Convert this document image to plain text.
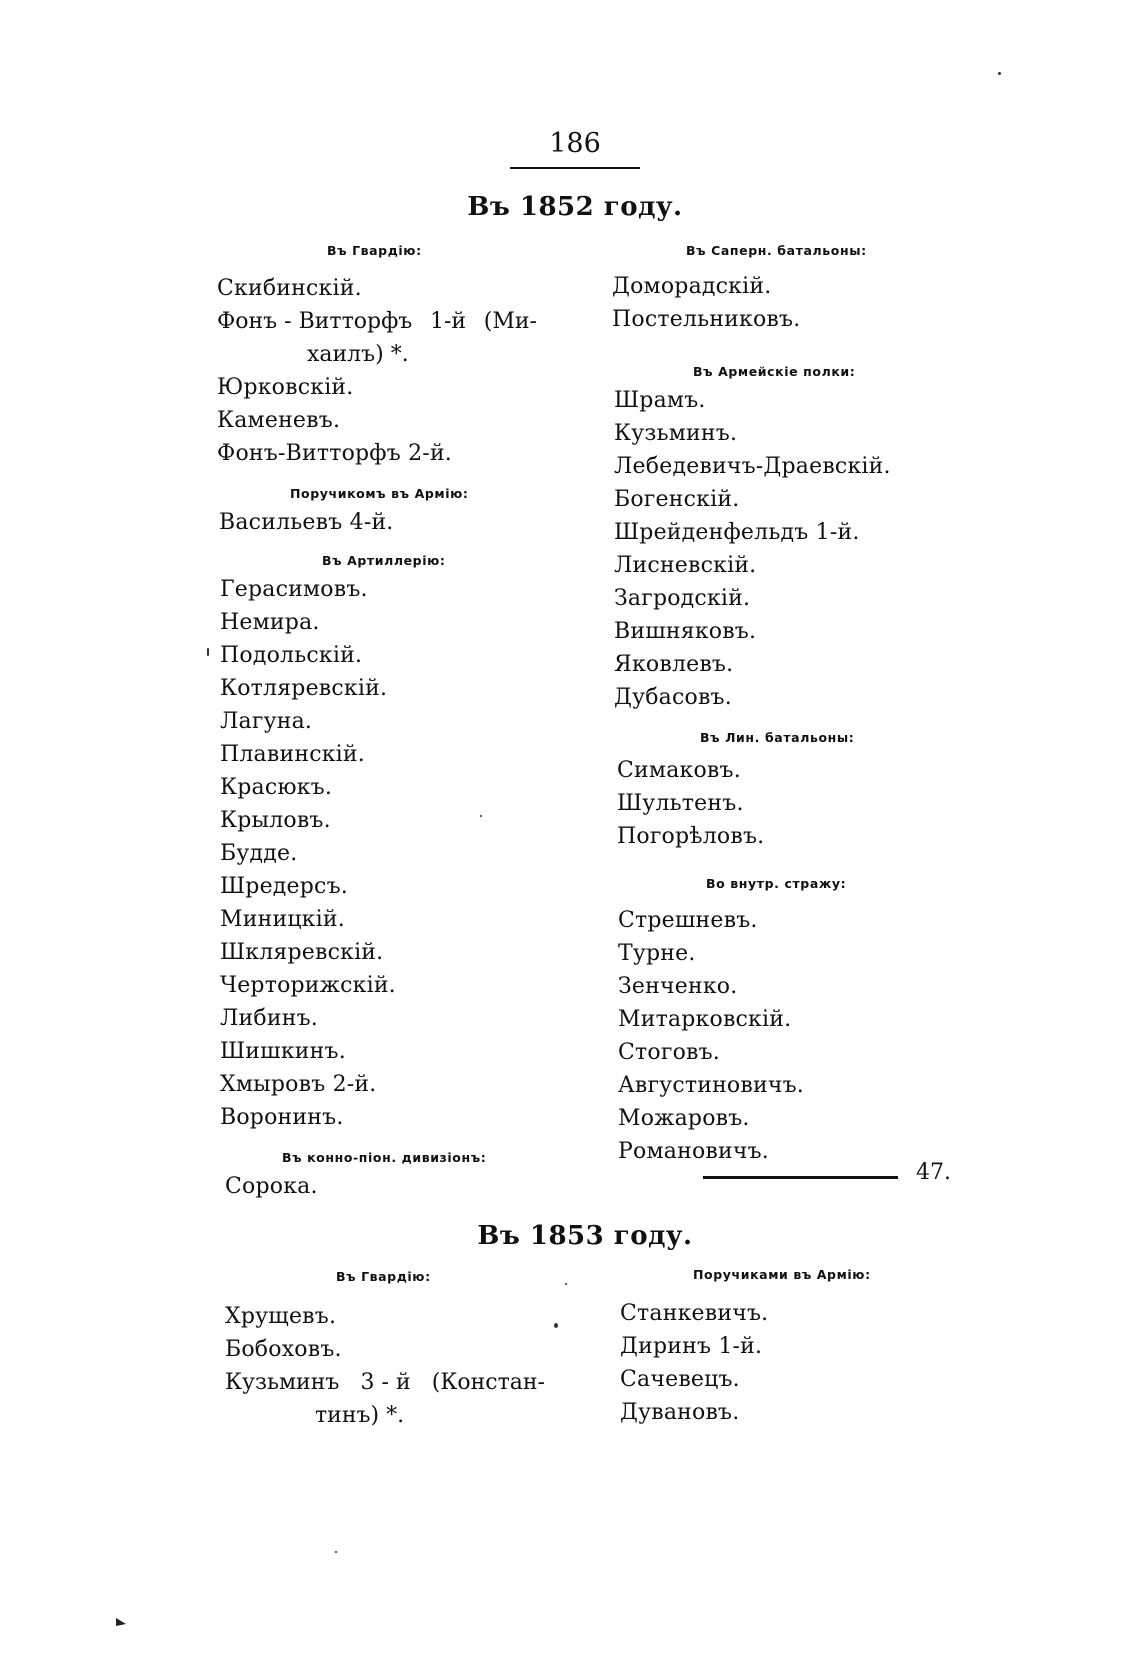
186
Въ 1852 году.
Въ Гвардію:
Скибинскій.
Фонъ - Витторфъ 1-й (Ми-
хаилъ) *.
Юрковскій.
Каменевъ.
Фонъ-Витторфъ 2-й.
Поручикомъ въ Армію:
Васильевъ 4-й.
Въ Артиллерію:
Герасимовъ.
Немира.
Подольскій.
Котляревскій.
Лагуна.
Плавинскій.
Красюкъ.
Крыловъ.
Будде.
Шредерсъ.
Миницкій.
Шкляревскій.
Черторижскій.
Либинъ.
Шишкинъ.
Хмыровъ 2-й.
Воронинъ.
Въ конно-піон. дивизіонъ:
Сорока.
Въ Саперн. батальоны:
Доморадскій.
Постельниковъ.
Въ Армейскіе полки:
Шрамъ.
Кузьминъ.
Лебедевичъ-Драевскій.
Богенскій.
Шрейденфельдъ 1-й.
Лисневскій.
Загродскій.
Вишняковъ.
Яковлевъ.
Дубасовъ.
Въ Лин. батальоны:
Симаковъ.
Шультенъ.
Погорѣловъ.
Во внутр. стражу:
Стрешневъ.
Турне.
Зенченко.
Митарковскій.
Стоговъ.
Августиновичъ.
Можаровъ.
Романовичъ.
47.
Въ 1853 году.
Въ Гвардію:
Хрущевъ.
Бобоховъ.
Кузьминъ 3 - й (Констан-
тинъ) *.
Поручиками въ Армію:
Станкевичъ.
Диринъ 1-й.
Сачевецъ.
Дувановъ.
